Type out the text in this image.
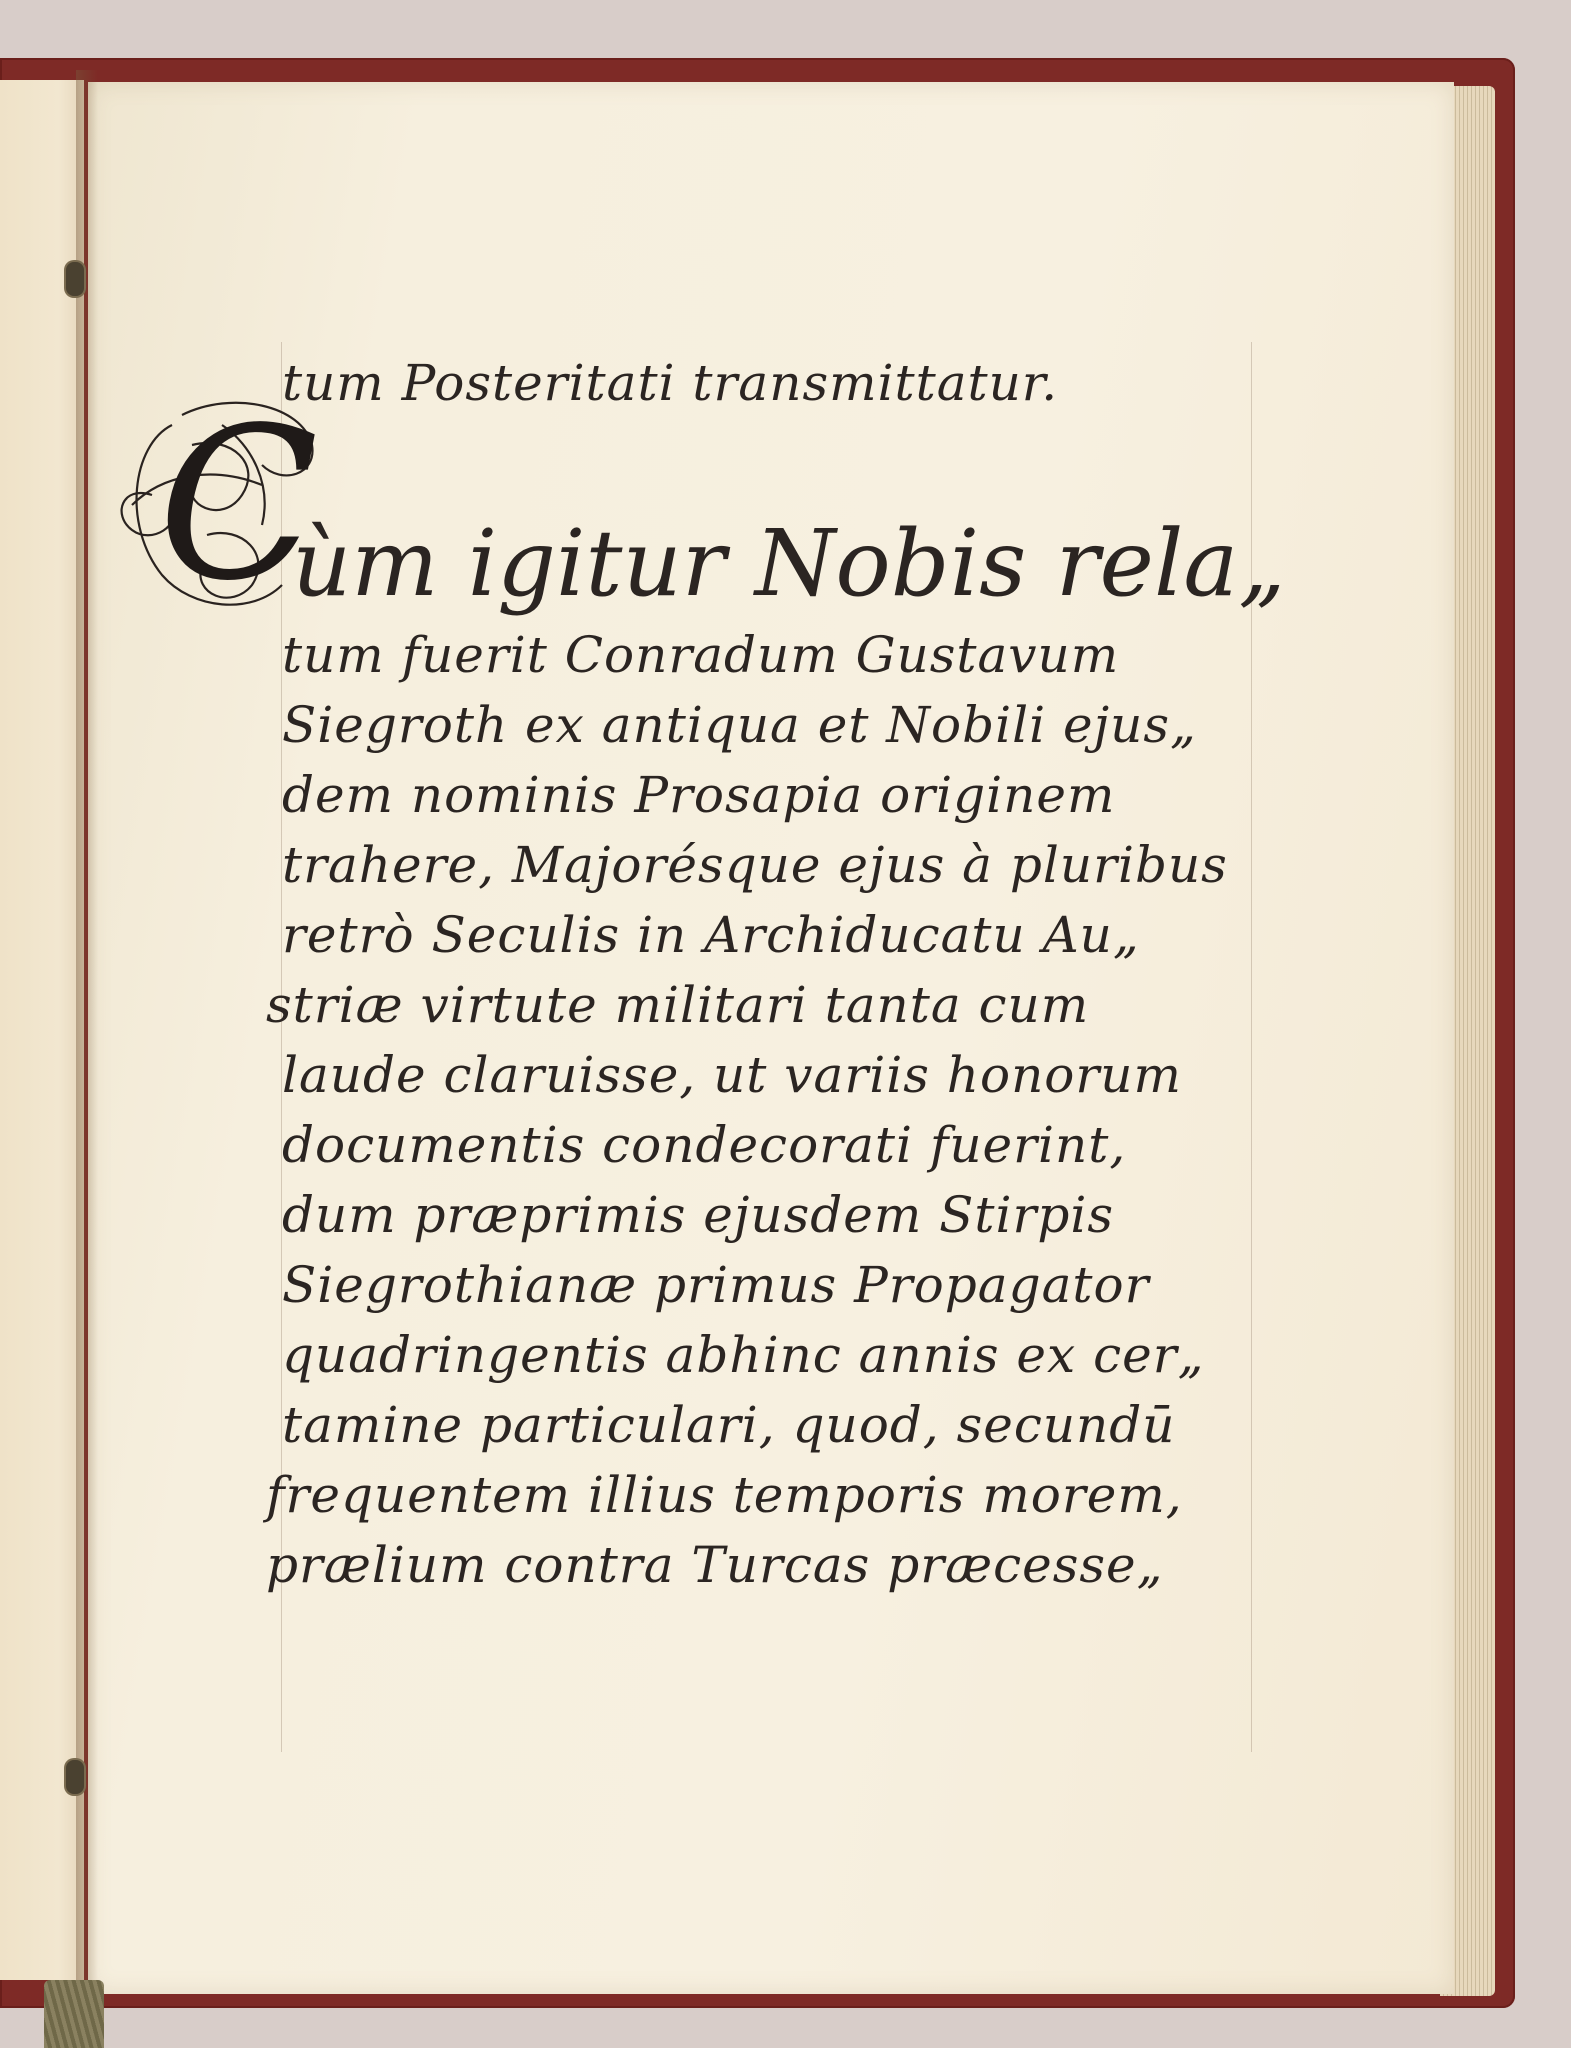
C
tum Posteritati transmittatur.
ùm igitur Nobis rela„
tum fuerit Conradum Gustavum
Siegroth ex antiqua et Nobili ejus„
dem nominis Prosapia originem
trahere, Majorésque ejus à pluribus
retrò Seculis in Archiducatu Au„
striæ virtute militari tanta cum
laude claruisse, ut variis honorum
documentis condecorati fuerint,
dum præprimis ejusdem Stirpis
Siegrothianæ primus Propagator
quadringentis abhinc annis ex cer„
tamine particulari, quod, secundū
frequentem illius temporis morem,
prælium contra Turcas præcesse„
